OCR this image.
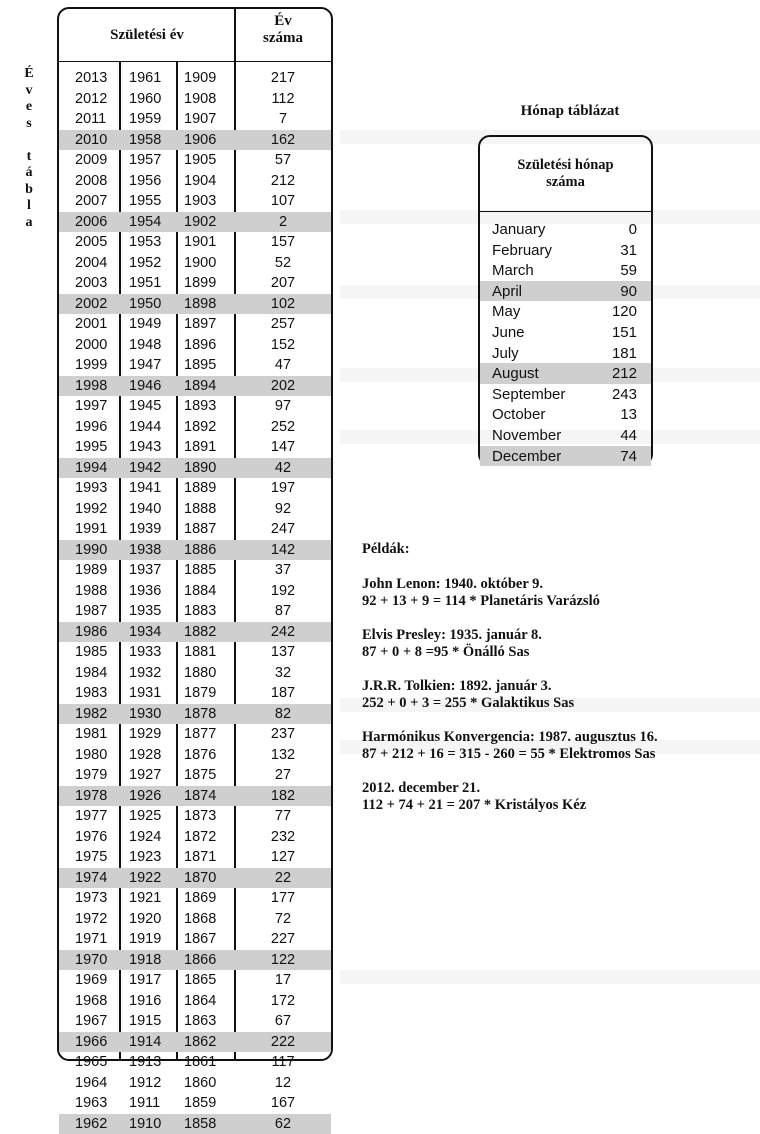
É
v
e
s
t
á
b
l
a
Születési év
Év
száma
2013 1961 1909	217
2012 1960 1908	112
2011 1959 1907	7
2010 1958 1906	162
2009 1957 1905	57
2008 1956 1904	212
2007 1955 1903	107
2006 1954 1902	2
2005 1953 1901	157
2004 1952 1900	52
2003 1951 1899	207
2002 1950 1898	102
2001 1949 1897	257
2000 1948 1896	152
1999 1947 1895	47
1998 1946 1894	202
1997 1945 1893	97
1996 1944 1892	252
1995 1943 1891	147
1994 1942 1890	42
1993 1941 1889	197
1992 1940 1888	92
1991 1939 1887	247
1990 1938 1886	142
1989 1937 1885	37
1988 1936 1884	192
1987 1935 1883	87
1986 1934 1882	242
1985 1933 1881	137
1984 1932 1880	32
1983 1931 1879	187
1982 1930 1878	82
1981 1929 1877	237
1980 1928 1876	132
1979 1927 1875	27
1978 1926 1874	182
1977 1925 1873	77
1976 1924 1872	232
1975 1923 1871	127
1974 1922 1870	22
1973 1921 1869	177
1972 1920 1868	72
1971 1919 1867	227
1970 1918 1866	122
1969 1917 1865	17
1968 1916 1864	172
1967 1915 1863	67
1966 1914 1862	222
1965 1913 1861	117
1964 1912 1860	12
1963 1911 1859	167
1962 1910 1858	62
Hónap táblázat
Születési hónap
száma
January	0
February	31
March	59
April	90
May	120
June	151
July	181
August	212
September	243
October	13
November	44
December	74
Példák:
John Lenon: 1940. október 9.
92 + 13 + 9 = 114 * Planetáris Varázsló
Elvis Presley: 1935. január 8.
87 + 0 + 8 =95 * Önálló Sas
J.R.R. Tolkien: 1892. január 3.
252 + 0 + 3 = 255 * Galaktikus Sas
Harmónikus Konvergencia: 1987. augusztus 16.
87 + 212 + 16 = 315 - 260 = 55 * Elektromos Sas
2012. december 21.
112 + 74 + 21 = 207 * Kristályos Kéz
